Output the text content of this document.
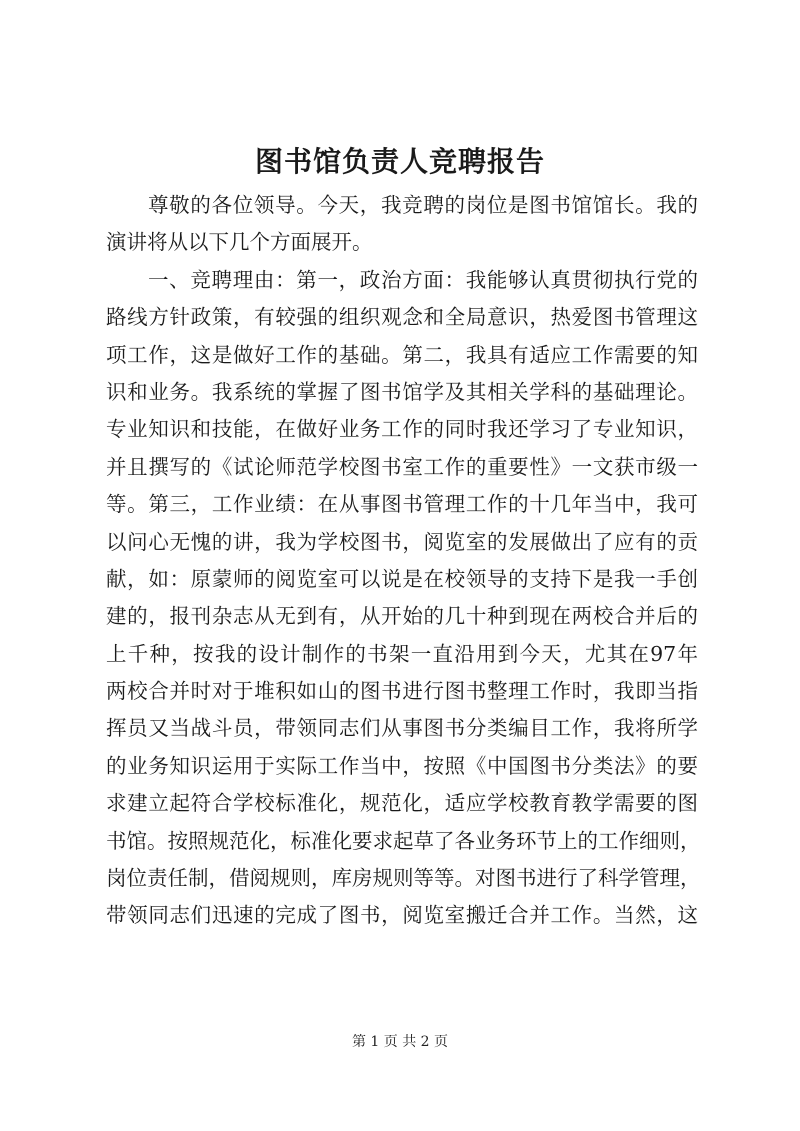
图书馆负责人竞聘报告
尊敬的各位领导。今天，我竞聘的岗位是图书馆馆长。我的
演讲将从以下几个方面展开。
一、竞聘理由：第一，政治方面：我能够认真贯彻执行党的
路线方针政策，有较强的组织观念和全局意识，热爱图书管理这
项工作，这是做好工作的基础。第二，我具有适应工作需要的知
识和业务。我系统的掌握了图书馆学及其相关学科的基础理论。
专业知识和技能，在做好业务工作的同时我还学习了专业知识，
并且撰写的《试论师范学校图书室工作的重要性》一文获市级一
等。第三，工作业绩：在从事图书管理工作的十几年当中，我可
以问心无愧的讲，我为学校图书，阅览室的发展做出了应有的贡
献，如：原蒙师的阅览室可以说是在校领导的支持下是我一手创
建的，报刊杂志从无到有，从开始的几十种到现在两校合并后的
上千种，按我的设计制作的书架一直沿用到今天，尤其在97年
两校合并时对于堆积如山的图书进行图书整理工作时，我即当指
挥员又当战斗员，带领同志们从事图书分类编目工作，我将所学
的业务知识运用于实际工作当中，按照《中国图书分类法》的要
求建立起符合学校标准化，规范化，适应学校教育教学需要的图
书馆。按照规范化，标准化要求起草了各业务环节上的工作细则，
岗位责任制，借阅规则，库房规则等等。对图书进行了科学管理，
带领同志们迅速的完成了图书，阅览室搬迁合并工作。当然，这
第 1 页 共 2 页
